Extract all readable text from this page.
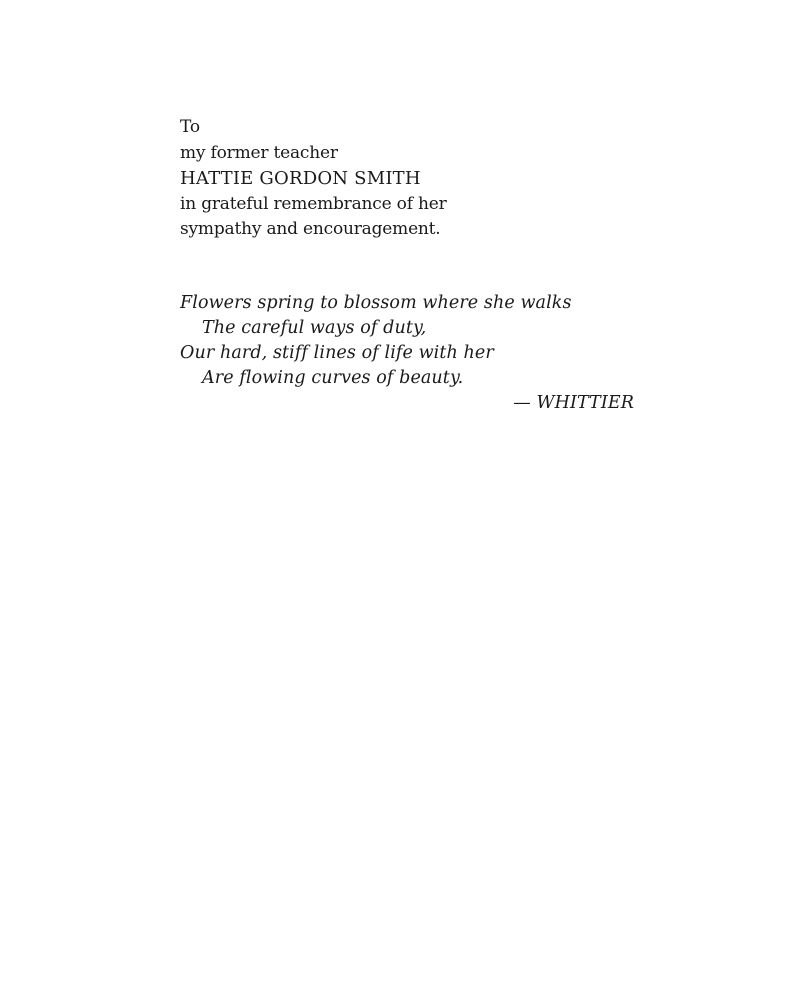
To
my former teacher
HATTIE GORDON SMITH
in grateful remembrance of her
sympathy and encouragement.
Flowers spring to blossom where she walks
The careful ways of duty,
Our hard, stiff lines of life with her
Are flowing curves of beauty.
— WHITTIER
